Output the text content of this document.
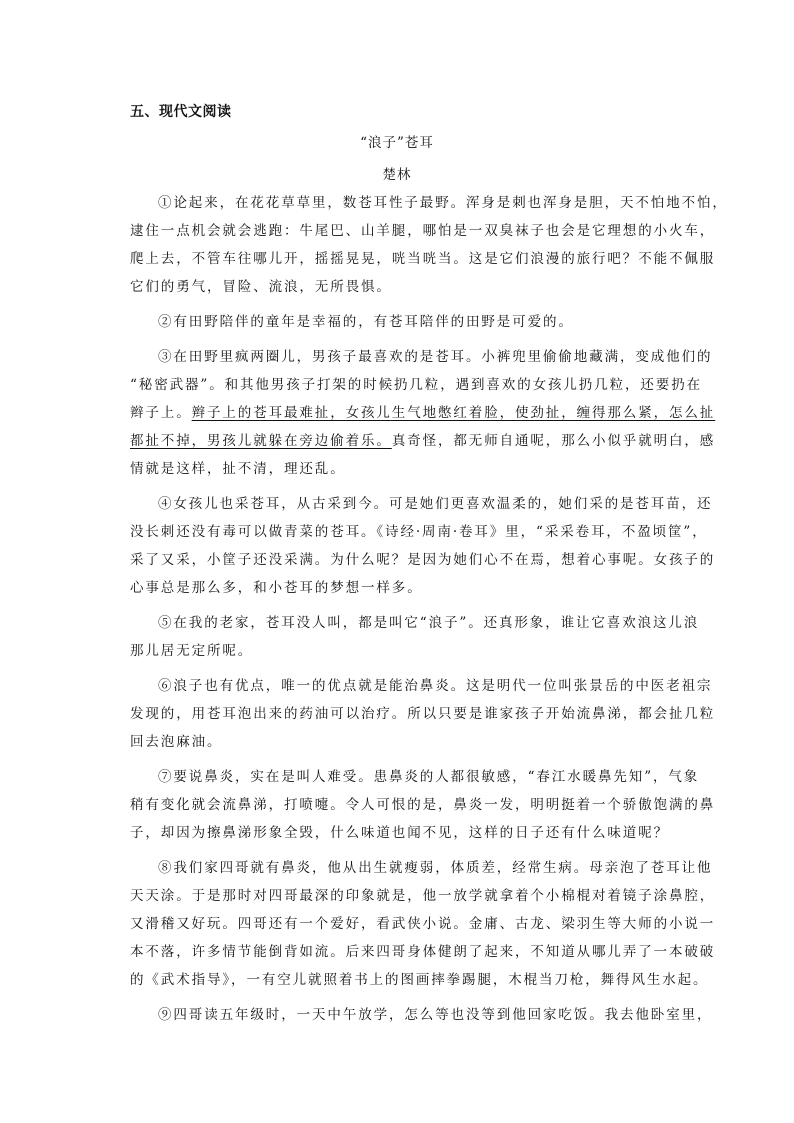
五、现代文阅读
“浪子”苍耳
楚林
①论起来，在花花草草里，数苍耳性子最野。浑身是刺也浑身是胆，天不怕地不怕，
逮住一点机会就会逃跑：牛尾巴、山羊腿，哪怕是一双臭袜子也会是它理想的小火车，
爬上去，不管车往哪儿开，摇摇晃晃，咣当咣当。这是它们浪漫的旅行吧？不能不佩服
它们的勇气，冒险、流浪，无所畏惧。
②有田野陪伴的童年是幸福的，有苍耳陪伴的田野是可爱的。
③在田野里疯两圈儿，男孩子最喜欢的是苍耳。小裤兜里偷偷地藏满，变成他们的
“秘密武器”。和其他男孩子打架的时候扔几粒，遇到喜欢的女孩儿扔几粒，还要扔在
辫子上。辫子上的苍耳最难扯，女孩儿生气地憋红着脸，使劲扯，缠得那么紧，怎么扯
都扯不掉，男孩儿就躲在旁边偷着乐。真奇怪，都无师自通呢，那么小似乎就明白，感
情就是这样，扯不清，理还乱。
④女孩儿也采苍耳，从古采到今。可是她们更喜欢温柔的，她们采的是苍耳苗，还
没长刺还没有毒可以做青菜的苍耳。《诗经·周南·卷耳》里，“采采卷耳，不盈顷筐”，
采了又采，小筐子还没采满。为什么呢？是因为她们心不在焉，想着心事呢。女孩子的
心事总是那么多，和小苍耳的梦想一样多。
⑤在我的老家，苍耳没人叫，都是叫它“浪子”。还真形象，谁让它喜欢浪这儿浪
那儿居无定所呢。
⑥浪子也有优点，唯一的优点就是能治鼻炎。这是明代一位叫张景岳的中医老祖宗
发现的，用苍耳泡出来的药油可以治疗。所以只要是谁家孩子开始流鼻涕，都会扯几粒
回去泡麻油。
⑦要说鼻炎，实在是叫人难受。患鼻炎的人都很敏感，“春江水暖鼻先知”，气象
稍有变化就会流鼻涕，打喷嚏。令人可恨的是，鼻炎一发，明明挺着一个骄傲饱满的鼻
子，却因为擦鼻涕形象全毁，什么味道也闻不见，这样的日子还有什么味道呢？
⑧我们家四哥就有鼻炎，他从出生就瘦弱，体质差，经常生病。母亲泡了苍耳让他
天天涂。于是那时对四哥最深的印象就是，他一放学就拿着个小棉棍对着镜子涂鼻腔，
又滑稽又好玩。四哥还有一个爱好，看武侠小说。金庸、古龙、梁羽生等大师的小说一
本不落，许多情节能倒背如流。后来四哥身体健朗了起来，不知道从哪儿弄了一本破破
的《武术指导》，一有空儿就照着书上的图画摔拳踢腿，木棍当刀枪，舞得风生水起。
⑨四哥读五年级时，一天中午放学，怎么等也没等到他回家吃饭。我去他卧室里，
